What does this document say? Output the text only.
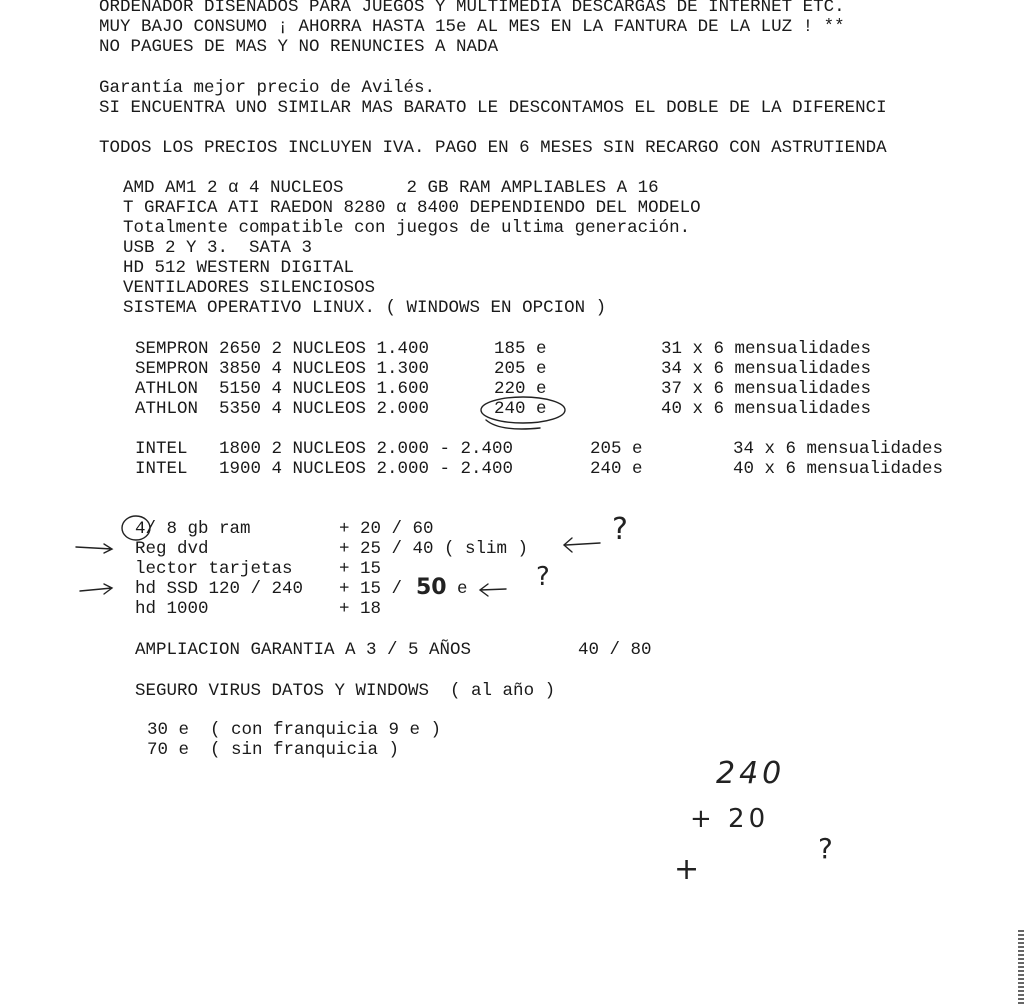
ORDENADOR DISENADOS PARA JUEGOS Y MULTIMEDIA DESCARGAS DE INTERNET ETC.
MUY BAJO CONSUMO ¡ AHORRA HASTA 15e AL MES EN LA FANTURA DE LA LUZ ! **
NO PAGUES DE MAS Y NO RENUNCIES A NADA
Garantía mejor precio de Avilés.
SI ENCUENTRA UNO SIMILAR MAS BARATO LE DESCONTAMOS EL DOBLE DE LA DIFERENCI
TODOS LOS PRECIOS INCLUYEN IVA. PAGO EN 6 MESES SIN RECARGO CON ASTRUTIENDA
AMD AM1 2 α 4 NUCLEOS      2 GB RAM AMPLIABLES A 16
T GRAFICA ATI RAEDON 8280 α 8400 DEPENDIENDO DEL MODELO
Totalmente compatible con juegos de ultima generación.
USB 2 Y 3.  SATA 3
HD 512 WESTERN DIGITAL
VENTILADORES SILENCIOSOS
SISTEMA OPERATIVO LINUX. ( WINDOWS EN OPCION )
SEMPRON 2650 2 NUCLEOS 1.400	185 e	31 x 6 mensualidades
SEMPRON 3850 4 NUCLEOS 1.300	205 e	34 x 6 mensualidades
ATHLON  5150 4 NUCLEOS 1.600	220 e	37 x 6 mensualidades
ATHLON  5350 4 NUCLEOS 2.000	240 e	40 x 6 mensualidades
INTEL   1800 2 NUCLEOS 2.000 - 2.400	205 e	34 x 6 mensualidades
INTEL   1900 4 NUCLEOS 2.000 - 2.400	240 e	40 x 6 mensualidades
4/ 8 gb ram	+ 20 / 60
Reg dvd	+ 25 / 40 ( slim )
lector tarjetas	+ 15
hd SSD 120 / 240 + 15 / 50 e
hd 1000	+ 18
AMPLIACION GARANTIA A 3 / 5 AÑOS	40 / 80
SEGURO VIRUS DATOS Y WINDOWS  ( al año )
30 e  ( con franquicia 9 e )
70 e  ( sin franquicia )
?
?
240
+ 20
+
?
